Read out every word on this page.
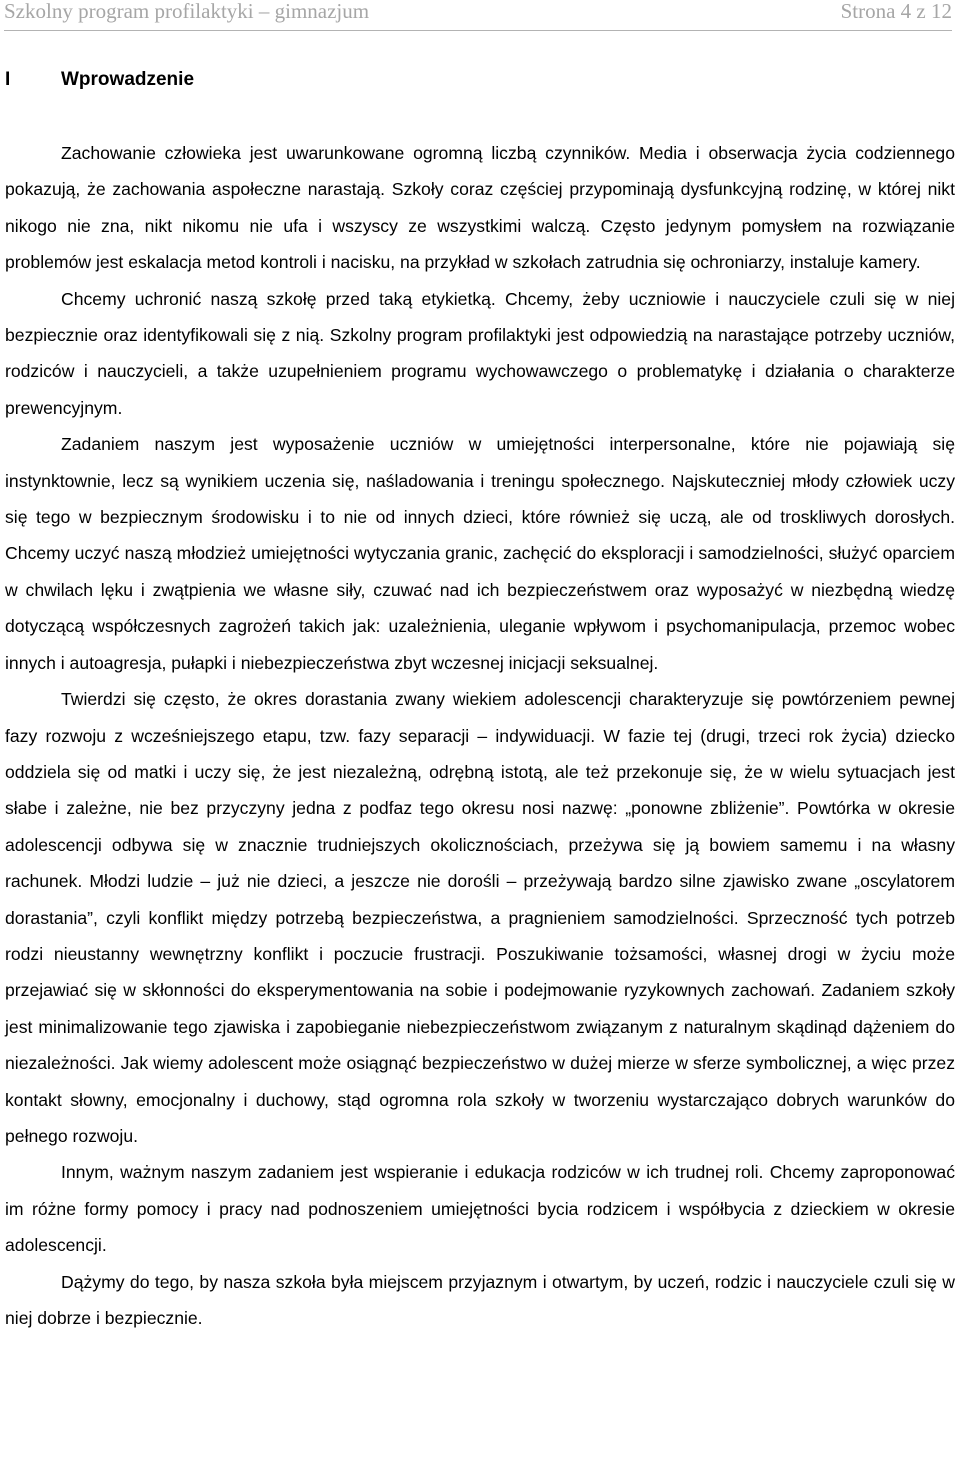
Szkolny program profilaktyki – gimnazjum	Strona 4 z 12
I	Wprowadzenie

Zachowanie człowieka jest uwarunkowane ogromną liczbą czynników. Media i obserwacja życia codziennego pokazują, że zachowania aspołeczne narastają. Szkoły coraz częściej przypominają dysfunkcyjną rodzinę, w której nikt nikogo nie zna, nikt nikomu nie ufa i wszyscy ze wszystkimi walczą. Często jedynym pomysłem na rozwiązanie problemów jest eskalacja metod kontroli i nacisku, na przykład w szkołach zatrudnia się ochroniarzy, instaluje kamery.

Chcemy uchronić naszą szkołę przed taką etykietką. Chcemy, żeby uczniowie i nauczyciele czuli się w niej bezpiecznie oraz identyfikowali się z nią. Szkolny program profilaktyki jest odpowiedzią na narastające potrzeby uczniów, rodziców i nauczycieli, a także uzupełnieniem programu wychowawczego o problematykę i działania o charakterze prewencyjnym.

Zadaniem naszym jest wyposażenie uczniów w umiejętności interpersonalne, które nie pojawiają się instynktownie, lecz są wynikiem uczenia się, naśladowania i treningu społecznego. Najskuteczniej młody człowiek uczy się tego w bezpiecznym środowisku i to nie od innych dzieci, które również się uczą, ale od troskliwych dorosłych. Chcemy uczyć naszą młodzież umiejętności wytyczania granic, zachęcić do eksploracji i samodzielności, służyć oparciem w chwilach lęku i zwątpienia we własne siły, czuwać nad ich bezpieczeństwem oraz wyposażyć w niezbędną wiedzę dotyczącą współczesnych zagrożeń takich jak: uzależnienia, uleganie wpływom i psychomanipulacja, przemoc wobec innych i autoagresja, pułapki i niebezpieczeństwa zbyt wczesnej inicjacji seksualnej.

Twierdzi się często, że okres dorastania zwany wiekiem adolescencji charakteryzuje się powtórzeniem pewnej fazy rozwoju z wcześniejszego etapu, tzw. fazy separacji – indywiduacji. W fazie tej (drugi, trzeci rok życia) dziecko oddziela się od matki i uczy się, że jest niezależną, odrębną istotą, ale też przekonuje się, że w wielu sytuacjach jest słabe i zależne, nie bez przyczyny jedna z podfaz tego okresu nosi nazwę: „ponowne zbliżenie”. Powtórka w okresie adolescencji odbywa się w znacznie trudniejszych okolicznościach, przeżywa się ją bowiem samemu i na własny rachunek. Młodzi ludzie – już nie dzieci, a jeszcze nie dorośli – przeżywają bardzo silne zjawisko zwane „oscylatorem dorastania”, czyli konflikt między potrzebą bezpieczeństwa, a pragnieniem samodzielności. Sprzeczność tych potrzeb rodzi nieustanny wewnętrzny konflikt i poczucie frustracji. Poszukiwanie tożsamości, własnej drogi w życiu może przejawiać się w skłonności do eksperymentowania na sobie i podejmowanie ryzykownych zachowań. Zadaniem szkoły jest minimalizowanie tego zjawiska i zapobieganie niebezpieczeństwom związanym z naturalnym skądinąd dążeniem do niezależności. Jak wiemy adolescent może osiągnąć bezpieczeństwo w dużej mierze w sferze symbolicznej, a więc przez kontakt słowny, emocjonalny i duchowy, stąd ogromna rola szkoły w tworzeniu wystarczająco dobrych warunków do pełnego rozwoju.

Innym, ważnym naszym zadaniem jest wspieranie i edukacja rodziców w ich trudnej roli. Chcemy zaproponować im różne formy pomocy i pracy nad podnoszeniem umiejętności bycia rodzicem i współbycia z dzieckiem w okresie adolescencji.

Dążymy do tego, by nasza szkoła była miejscem przyjaznym i otwartym, by uczeń, rodzic i nauczyciele czuli się w niej dobrze i bezpiecznie.
